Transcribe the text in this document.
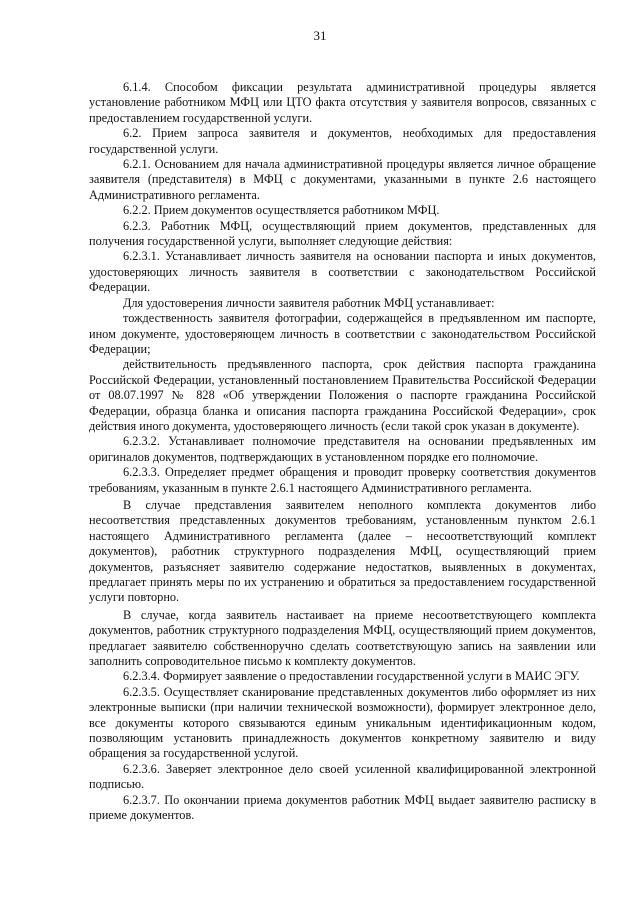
31

6.1.4. Способом фиксации результата административной процедуры является установление работником МФЦ или ЦТО факта отсутствия у заявителя вопросов, связанных с предоставлением государственной услуги.

6.2. Прием запроса заявителя и документов, необходимых для предоставления государственной услуги.

6.2.1. Основанием для начала административной процедуры является личное обращение заявителя (представителя) в МФЦ с документами, указанными в пункте 2.6 настоящего Административного регламента.

6.2.2. Прием документов осуществляется работником МФЦ.

6.2.3. Работник МФЦ, осуществляющий прием документов, представленных для получения государственной услуги, выполняет следующие действия:

6.2.3.1. Устанавливает личность заявителя на основании паспорта и иных документов, удостоверяющих личность заявителя в соответствии с законодательством Российской Федерации.

Для удостоверения личности заявителя работник МФЦ устанавливает:

тождественность заявителя фотографии, содержащейся в предъявленном им паспорте, ином документе, удостоверяющем личность в соответствии с законодательством Российской Федерации;

действительность предъявленного паспорта, срок действия паспорта гражданина Российской Федерации, установленный постановлением Правительства Российской Федерации от 08.07.1997 № 828 «Об утверждении Положения о паспорте гражданина Российской Федерации, образца бланка и описания паспорта гражданина Российской Федерации», срок действия иного документа, удостоверяющего личность (если такой срок указан в документе).

6.2.3.2. Устанавливает полномочие представителя на основании предъявленных им оригиналов документов, подтверждающих в установленном порядке его полномочие.

6.2.3.3. Определяет предмет обращения и проводит проверку соответствия документов требованиям, указанным в пункте 2.6.1 настоящего Административного регламента.

В случае представления заявителем неполного комплекта документов либо несоответствия представленных документов требованиям, установленным пунктом 2.6.1 настоящего Административного регламента (далее – несоответствующий комплект документов), работник структурного подразделения МФЦ, осуществляющий прием документов, разъясняет заявителю содержание недостатков, выявленных в документах, предлагает принять меры по их устранению и обратиться за предоставлением государственной услуги повторно.

В случае, когда заявитель настаивает на приеме несоответствующего комплекта документов, работник структурного подразделения МФЦ, осуществляющий прием документов, предлагает заявителю собственноручно сделать соответствующую запись на заявлении или заполнить сопроводительное письмо к комплекту документов.

6.2.3.4. Формирует заявление о предоставлении государственной услуги в МАИС ЭГУ.

6.2.3.5. Осуществляет сканирование представленных документов либо оформляет из них электронные выписки (при наличии технической возможности), формирует электронное дело, все документы которого связываются единым уникальным идентификационным кодом, позволяющим установить принадлежность документов конкретному заявителю и виду обращения за государственной услугой.

6.2.3.6. Заверяет электронное дело своей усиленной квалифицированной электронной подписью.

6.2.3.7. По окончании приема документов работник МФЦ выдает заявителю расписку в приеме документов.
